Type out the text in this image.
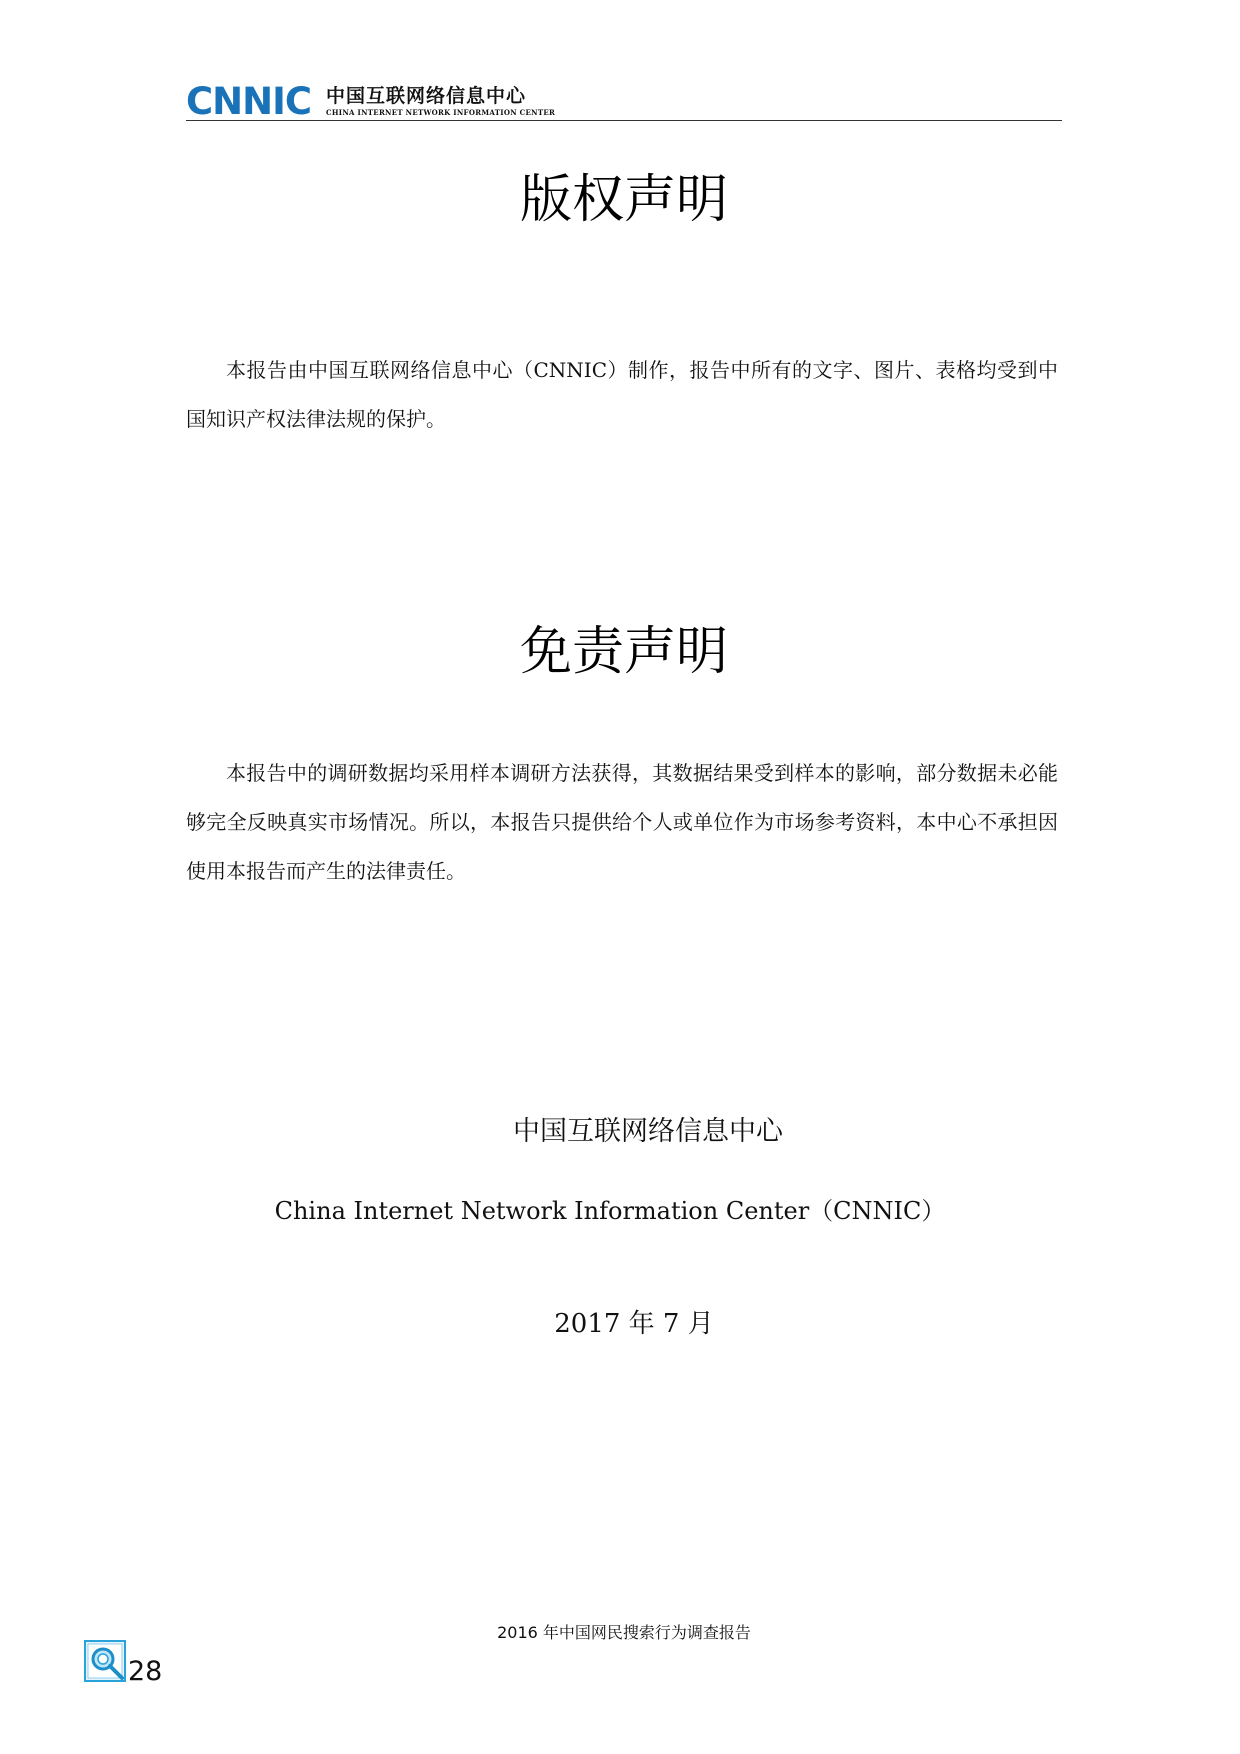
CNNIC 中国互联网络信息中心
CHINA INTERNET NETWORK INFORMATION CENTER
版权声明

本报告由中国互联网络信息中心（CNNIC）制作，报告中所有的文字、图片、表格均受到中国知识产权法律法规的保护。

免责声明

本报告中的调研数据均采用样本调研方法获得，其数据结果受到样本的影响，部分数据未必能够完全反映真实市场情况。所以，本报告只提供给个人或单位作为市场参考资料，本中心不承担因使用本报告而产生的法律责任。

中国互联网络信息中心

China Internet Network Information Center（CNNIC）

2017 年 7 月

2016 年中国网民搜索行为调查报告
28
